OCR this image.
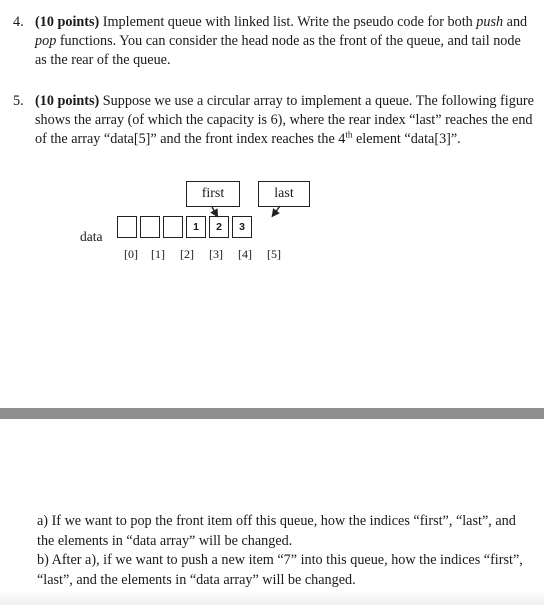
4. (10 points) Implement queue with linked list. Write the pseudo code for both push and pop functions. You can consider the head node as the front of the queue, and tail node as the rear of the queue.
5. (10 points) Suppose we use a circular array to implement a queue. The following figure shows the array (of which the capacity is 6), where the rear index “last” reaches the end of the array “data[5]” and the front index reaches the 4th element “data[3]”.
first	last
data
1	2	3
[0] [1] [2] [3] [4] [5]
a) If we want to pop the front item off this queue, how the indices “first”, “last”, and the elements in “data array” will be changed.
b) After a), if we want to push a new item “7” into this queue, how the indices “first”, “last”, and the elements in “data array” will be changed.
